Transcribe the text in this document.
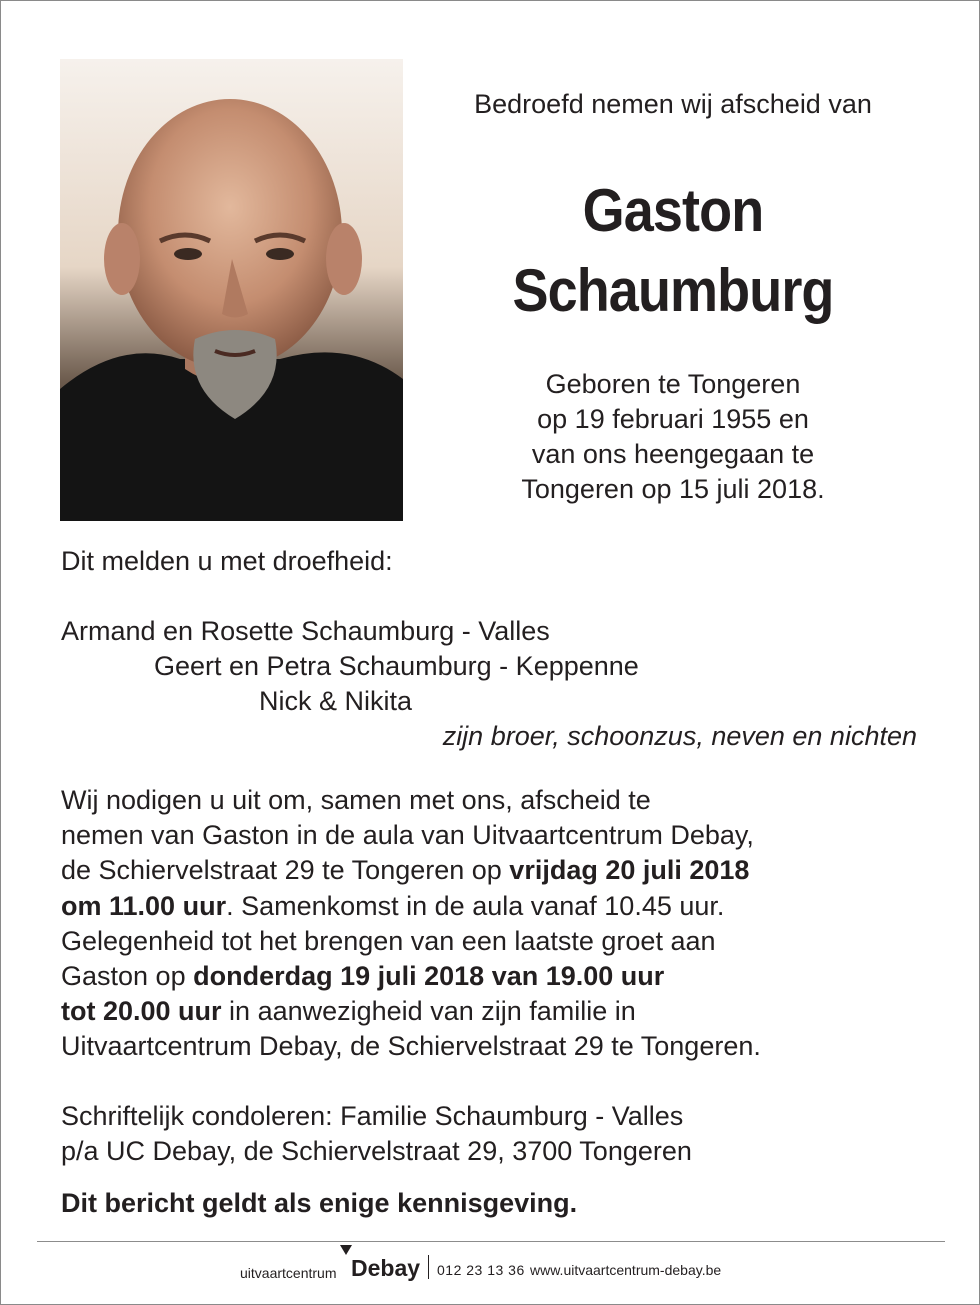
Bedroefd nemen wij afscheid van
Gaston
Schaumburg
Geboren te Tongeren
op 19 februari 1955 en
van ons heengegaan te
Tongeren op 15 juli 2018.
Dit melden u met droefheid:
Armand en Rosette Schaumburg - Valles
Geert en Petra Schaumburg - Keppenne
Nick & Nikita
zijn broer, schoonzus, neven en nichten
Wij nodigen u uit om, samen met ons, afscheid te
nemen van Gaston in de aula van Uitvaartcentrum Debay,
de Schiervelstraat 29 te Tongeren op vrijdag 20 juli 2018
om 11.00 uur. Samenkomst in de aula vanaf 10.45 uur.
Gelegenheid tot het brengen van een laatste groet aan
Gaston op donderdag 19 juli 2018 van 19.00 uur
tot 20.00 uur in aanwezigheid van zijn familie in
Uitvaartcentrum Debay, de Schiervelstraat 29 te Tongeren.
Schriftelijk condoleren: Familie Schaumburg - Valles
p/a UC Debay, de Schiervelstraat 29, 3700 Tongeren
Dit bericht geldt als enige kennisgeving.
uitvaartcentrum Debay 012 23 13 36 www.uitvaartcentrum-debay.be
